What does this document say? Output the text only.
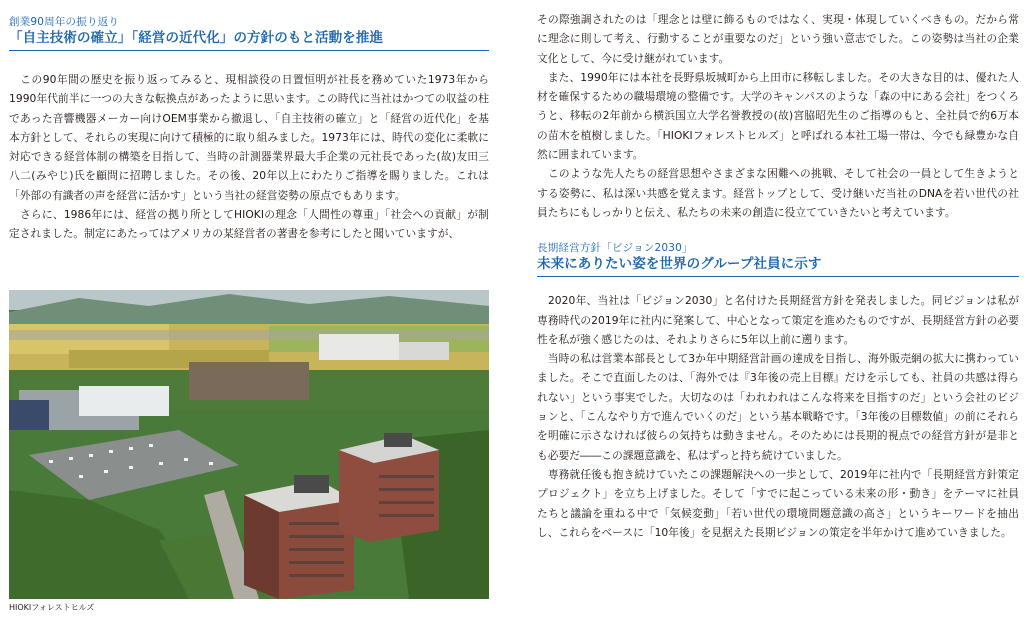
創業90周年の振り返り
「自主技術の確立」「経営の近代化」の方針のもと活動を推進

　この90年間の歴史を振り返ってみると、現相談役の日置恒明が社長を務めていた1973年から1990年代前半に一つの大きな転換点があったように思います。この時代に当社はかつての収益の柱であった音響機器メーカー向けOEM事業から撤退し、「自主技術の確立」と「経営の近代化」を基本方針として、それらの実現に向けて積極的に取り組みました。1973年には、時代の変化に柔軟に対応できる経営体制の構築を目指して、当時の計測器業界最大手企業の元社長であった(故)友田三八二(みやじ)氏を顧問に招聘しました。その後、20年以上にわたりご指導を賜りました。これは「外部の有識者の声を経営に活かす」という当社の経営姿勢の原点でもあります。

　さらに、1986年には、経営の拠り所としてHIOKIの理念「人間性の尊重」「社会への貢献」が制定されました。制定にあたってはアメリカの某経営者の著書を参考にしたと聞いていますが、

HIOKIフォレストヒルズ

その際強調されたのは「理念とは壁に飾るものではなく、実現・体現していくべきもの。だから常に理念に則して考え、行動することが重要なのだ」という強い意志でした。この姿勢は当社の企業文化として、今に受け継がれています。

　また、1990年には本社を長野県坂城町から上田市に移転しました。その大きな目的は、優れた人材を確保するための職場環境の整備です。大学のキャンパスのような「森の中にある会社」をつくろうと、移転の2年前から横浜国立大学名誉教授の(故)宮脇昭先生のご指導のもと、全社員で約6万本の苗木を植樹しました。「HIOKIフォレストヒルズ」と呼ばれる本社工場一帯は、今でも緑豊かな自然に囲まれています。

　このような先人たちの経営思想やさまざまな困難への挑戦、そして社会の一員として生きようとする姿勢に、私は深い共感を覚えます。経営トップとして、受け継いだ当社のDNAを若い世代の社員たちにもしっかりと伝え、私たちの未来の創造に役立てていきたいと考えています。

長期経営方針「ビジョン2030」
未来にありたい姿を世界のグループ社員に示す

　2020年、当社は「ビジョン2030」と名付けた長期経営方針を発表しました。同ビジョンは私が専務時代の2019年に社内に発案して、中心となって策定を進めたものですが、長期経営方針の必要性を私が強く感じたのは、それよりさらに5年以上前に遡ります。

　当時の私は営業本部長として3か年中期経営計画の達成を目指し、海外販売網の拡大に携わっていました。そこで直面したのは、「海外では『3年後の売上目標』だけを示しても、社員の共感は得られない」という事実でした。大切なのは「われわれはこんな将来を目指すのだ」という会社のビジョンと、「こんなやり方で進んでいくのだ」という基本戦略です。「3年後の目標数値」の前にそれらを明確に示さなければ彼らの気持ちは動きません。そのためには長期的視点での経営方針が是非とも必要だ――この課題意識を、私はずっと持ち続けていました。

　専務就任後も抱き続けていたこの課題解決への一歩として、2019年に社内で「長期経営方針策定プロジェクト」を立ち上げました。そして「すでに起こっている未来の形・動き」をテーマに社員たちと議論を重ねる中で「気候変動」「若い世代の環境問題意識の高さ」というキーワードを抽出し、これらをベースに「10年後」を見据えた長期ビジョンの策定を半年かけて進めていきました。
